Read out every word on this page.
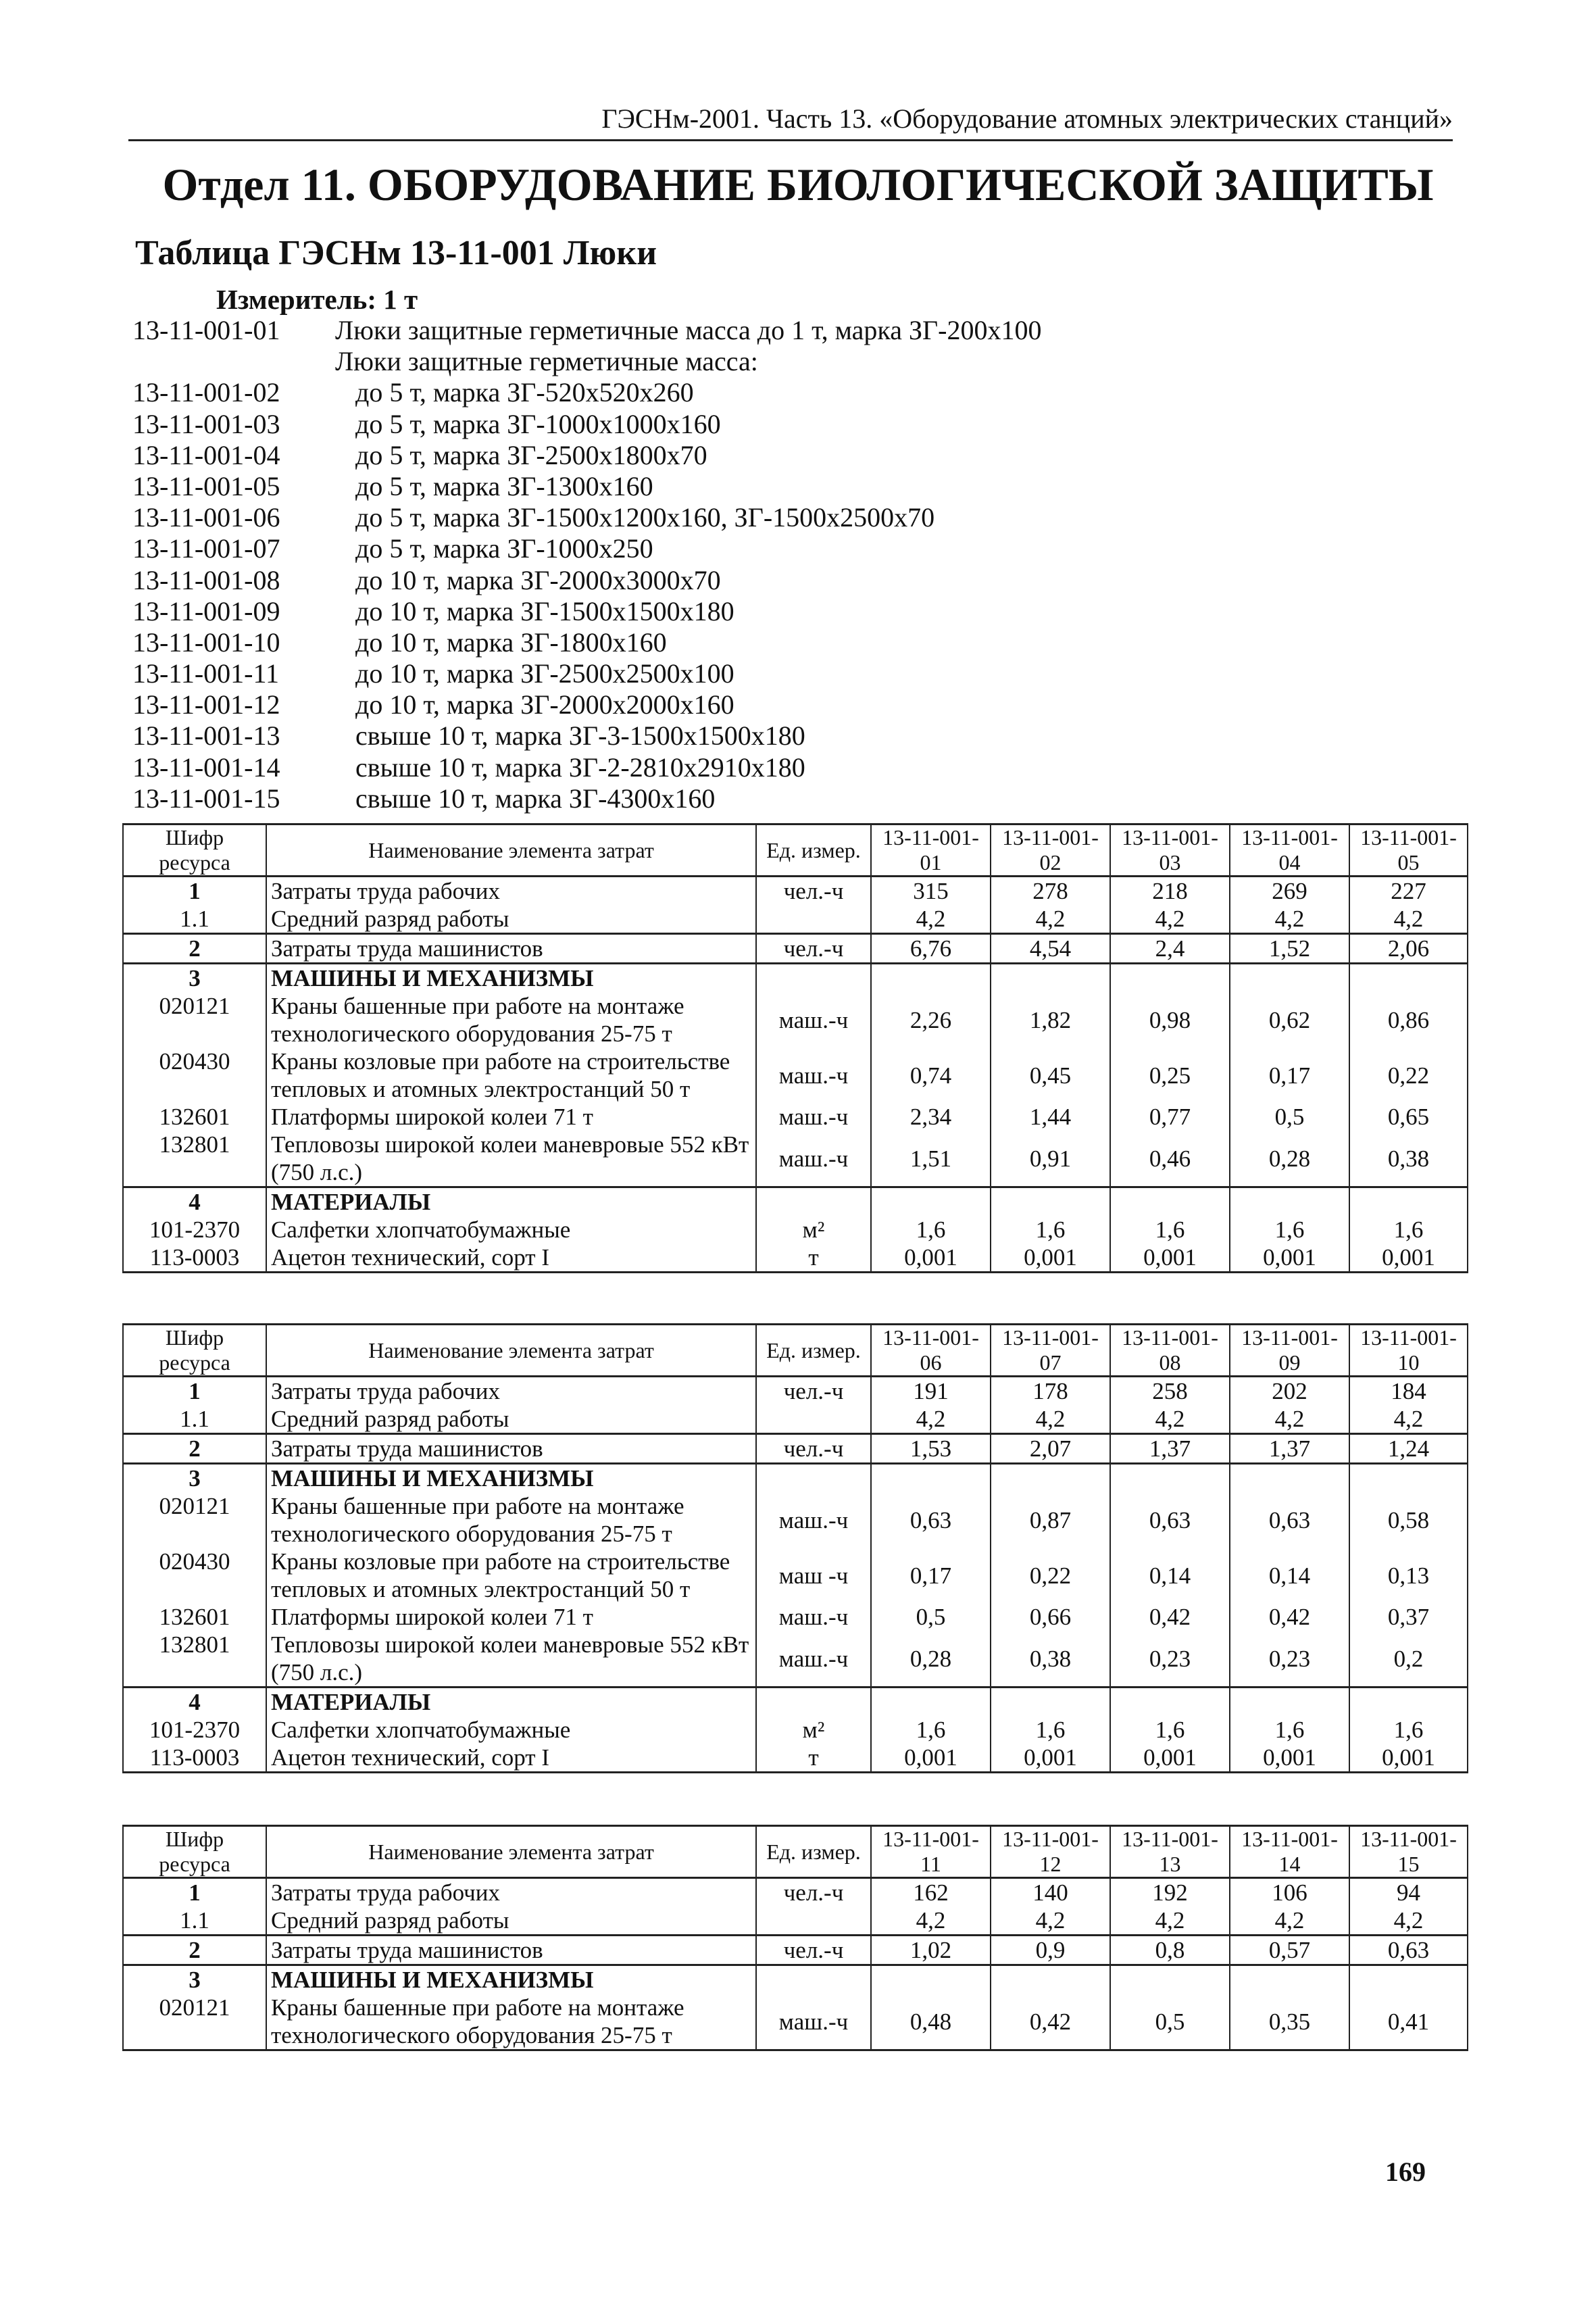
ГЭСНм-2001. Часть 13. «Оборудование атомных электрических станций»
Отдел 11. ОБОРУДОВАНИЕ БИОЛОГИЧЕСКОЙ ЗАЩИТЫ
Таблица ГЭСНм 13-11-001 Люки
Измеритель: 1 т
13-11-001-01	Люки защитные герметичные масса до 1 т, марка ЗГ-200х100
Люки защитные герметичные масса:
13-11-001-02	до 5 т, марка ЗГ-520х520х260
13-11-001-03	до 5 т, марка ЗГ-1000х1000х160
13-11-001-04	до 5 т, марка ЗГ-2500х1800х70
13-11-001-05	до 5 т, марка ЗГ-1300х160
13-11-001-06	до 5 т, марка ЗГ-1500х1200х160, ЗГ-1500х2500х70
13-11-001-07	до 5 т, марка ЗГ-1000х250
13-11-001-08	до 10 т, марка ЗГ-2000х3000х70
13-11-001-09	до 10 т, марка ЗГ-1500х1500х180
13-11-001-10	до 10 т, марка ЗГ-1800х160
13-11-001-11	до 10 т, марка ЗГ-2500х2500х100
13-11-001-12	до 10 т, марка ЗГ-2000х2000х160
13-11-001-13	свыше 10 т, марка ЗГ-3-1500х1500х180
13-11-001-14	свыше 10 т, марка ЗГ-2-2810х2910х180
13-11-001-15	свыше 10 т, марка ЗГ-4300х160
Шифр ресурса	Наименование элемента затрат	Ед. измер.	13-11-001-01	13-11-001-02	13-11-001-03	13-11-001-04	13-11-001-05
1	Затраты труда рабочих	чел.-ч	315	278	218	269	227
1.1	Средний разряд работы		4,2	4,2	4,2	4,2	4,2
2	Затраты труда машинистов	чел.-ч	6,76	4,54	2,4	1,52	2,06
3	МАШИНЫ И МЕХАНИЗМЫ						
020121	Краны башенные при работе на монтаже технологического оборудования 25-75 т	маш.-ч	2,26	1,82	0,98	0,62	0,86
020430	Краны козловые при работе на строительстве тепловых и атомных электростанций 50 т	маш.-ч	0,74	0,45	0,25	0,17	0,22
132601	Платформы широкой колеи 71 т	маш.-ч	2,34	1,44	0,77	0,5	0,65
132801	Тепловозы широкой колеи маневровые 552 кВт (750 л.с.)	маш.-ч	1,51	0,91	0,46	0,28	0,38
4	МАТЕРИАЛЫ						
101-2370	Салфетки хлопчатобумажные	м²	1,6	1,6	1,6	1,6	1,6
113-0003	Ацетон технический, сорт I	т	0,001	0,001	0,001	0,001	0,001
Шифр ресурса	Наименование элемента затрат	Ед. измер.	13-11-001-06	13-11-001-07	13-11-001-08	13-11-001-09	13-11-001-10
1	Затраты труда рабочих	чел.-ч	191	178	258	202	184
1.1	Средний разряд работы		4,2	4,2	4,2	4,2	4,2
2	Затраты труда машинистов	чел.-ч	1,53	2,07	1,37	1,37	1,24
3	МАШИНЫ И МЕХАНИЗМЫ						
020121	Краны башенные при работе на монтаже технологического оборудования 25-75 т	маш.-ч	0,63	0,87	0,63	0,63	0,58
020430	Краны козловые при работе на строительстве тепловых и атомных электростанций 50 т	маш -ч	0,17	0,22	0,14	0,14	0,13
132601	Платформы широкой колеи 71 т	маш.-ч	0,5	0,66	0,42	0,42	0,37
132801	Тепловозы широкой колеи маневровые 552 кВт (750 л.с.)	маш.-ч	0,28	0,38	0,23	0,23	0,2
4	МАТЕРИАЛЫ						
101-2370	Салфетки хлопчатобумажные	м²	1,6	1,6	1,6	1,6	1,6
113-0003	Ацетон технический, сорт I	т	0,001	0,001	0,001	0,001	0,001
Шифр ресурса	Наименование элемента затрат	Ед. измер.	13-11-001-11	13-11-001-12	13-11-001-13	13-11-001-14	13-11-001-15
1	Затраты труда рабочих	чел.-ч	162	140	192	106	94
1.1	Средний разряд работы		4,2	4,2	4,2	4,2	4,2
2	Затраты труда машинистов	чел.-ч	1,02	0,9	0,8	0,57	0,63
3	МАШИНЫ И МЕХАНИЗМЫ						
020121	Краны башенные при работе на монтаже технологического оборудования 25-75 т	маш.-ч	0,48	0,42	0,5	0,35	0,41
169
